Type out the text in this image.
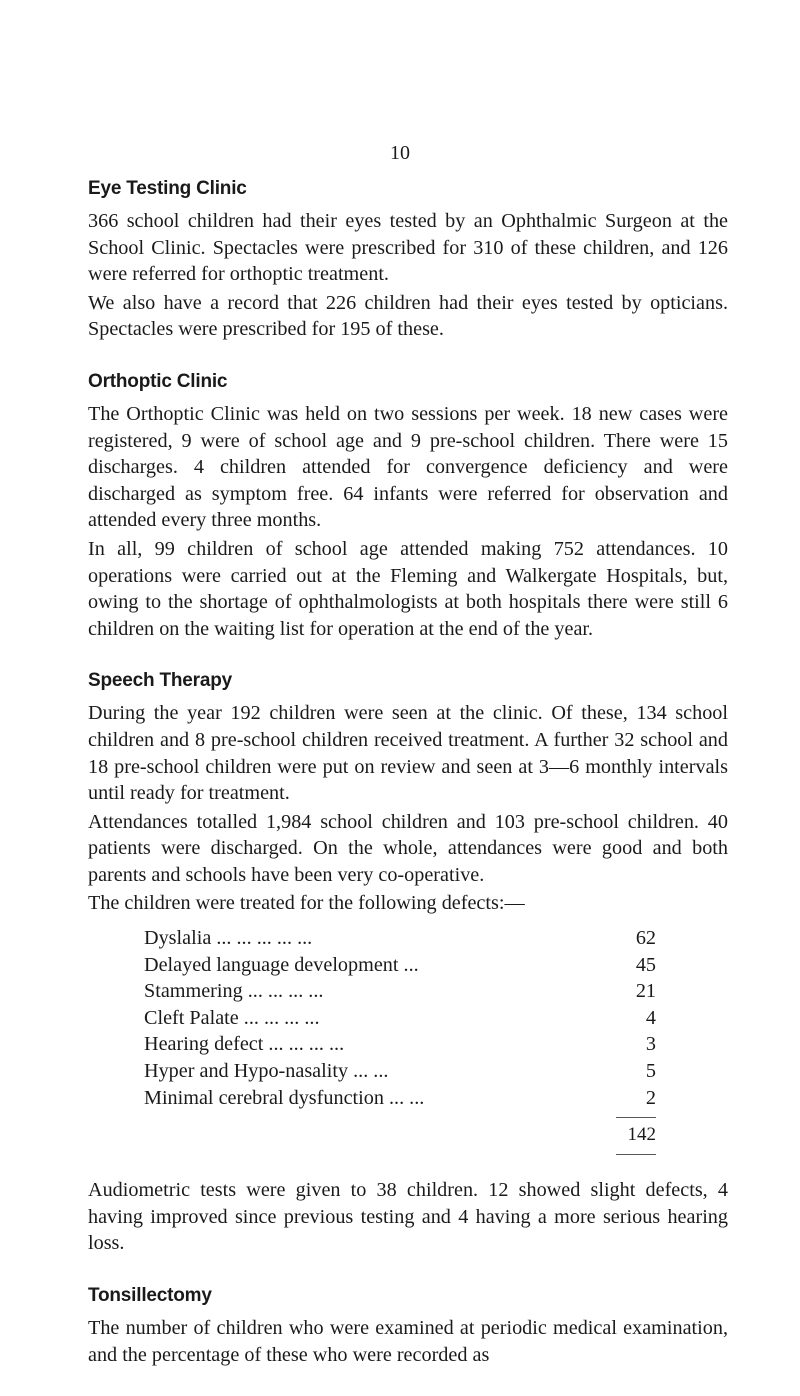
10
Eye Testing Clinic

366 school children had their eyes tested by an Ophthalmic Surgeon at the School Clinic. Spectacles were prescribed for 310 of these children, and 126 were referred for orthoptic treatment.

We also have a record that 226 children had their eyes tested by opticians. Spectacles were prescribed for 195 of these.

Orthoptic Clinic

The Orthoptic Clinic was held on two sessions per week. 18 new cases were registered, 9 were of school age and 9 pre-school children. There were 15 discharges. 4 children attended for convergence deficiency and were discharged as symptom free. 64 infants were referred for observation and attended every three months.

In all, 99 children of school age attended making 752 attendances. 10 operations were carried out at the Fleming and Walkergate Hospitals, but, owing to the shortage of ophthalmologists at both hospitals there were still 6 children on the waiting list for operation at the end of the year.

Speech Therapy

During the year 192 children were seen at the clinic. Of these, 134 school children and 8 pre-school children received treatment. A further 32 school and 18 pre-school children were put on review and seen at 3—6 monthly intervals until ready for treatment.

Attendances totalled 1,984 school children and 103 pre-school children. 40 patients were discharged. On the whole, attendances were good and both parents and schools have been very co-operative.

The children were treated for the following defects:—

Dyslalia ... ... ... ... ...	62
Delayed language development ...	45
Stammering ... ... ... ...	21
Cleft Palate ... ... ... ...	4
Hearing defect ... ... ... ...	3
Hyper and Hypo-nasality ... ...	5
Minimal cerebral dysfunction ... ...	2
142

Audiometric tests were given to 38 children. 12 showed slight defects, 4 having improved since previous testing and 4 having a more serious hearing loss.

Tonsillectomy

The number of children who were examined at periodic medical examination, and the percentage of these who were recorded as
